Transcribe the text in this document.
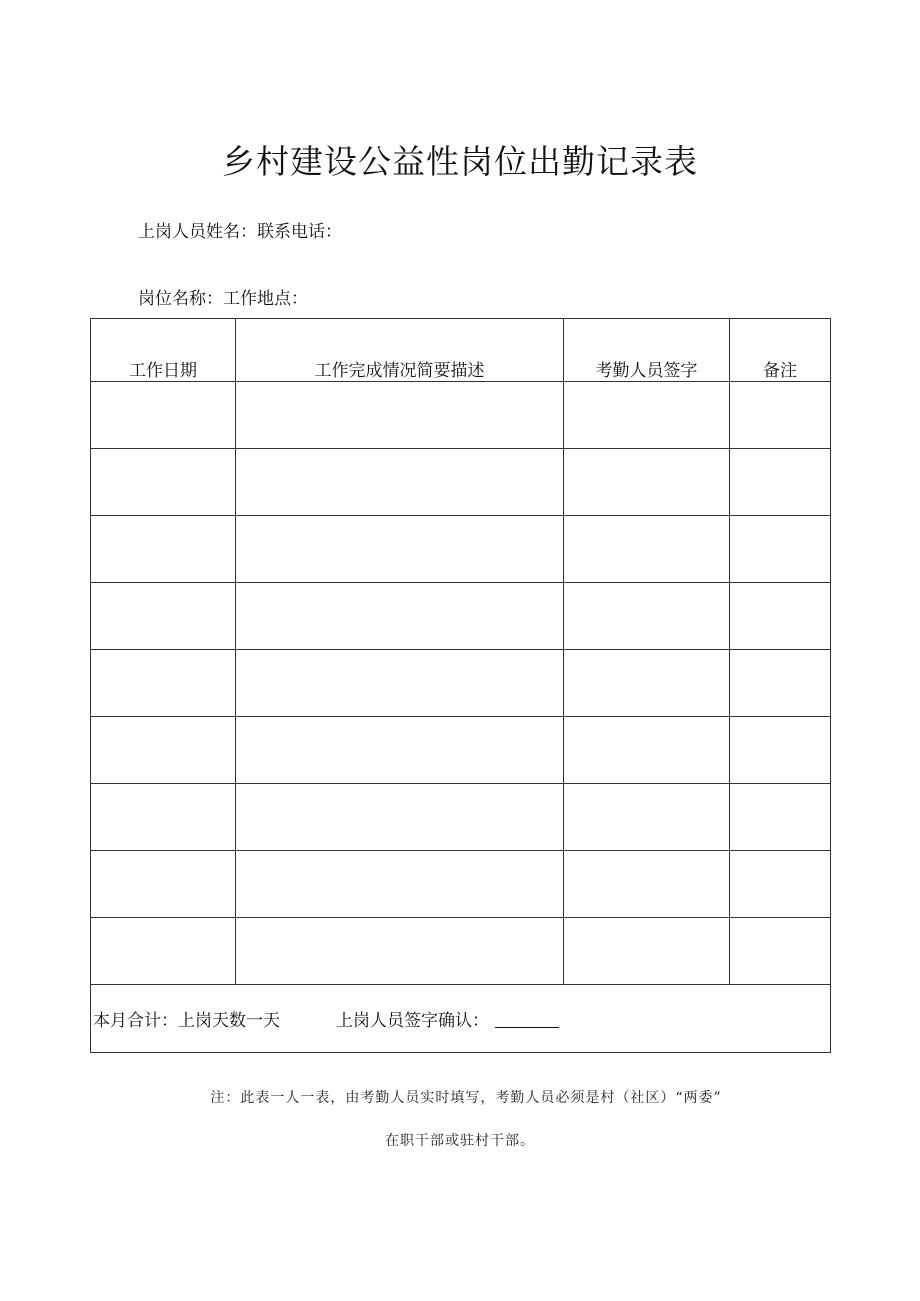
乡村建设公益性岗位出勤记录表
上岗人员姓名：联系电话：
岗位名称：工作地点：
工作日期	工作完成情况简要描述	考勤人员签字	备注

本月合计：上岗天数一天 上岗人员签字确认：			
注：此表一人一表，由考勤人员实时填写，考勤人员必须是村（社区）“两委”
在职干部或驻村干部。
